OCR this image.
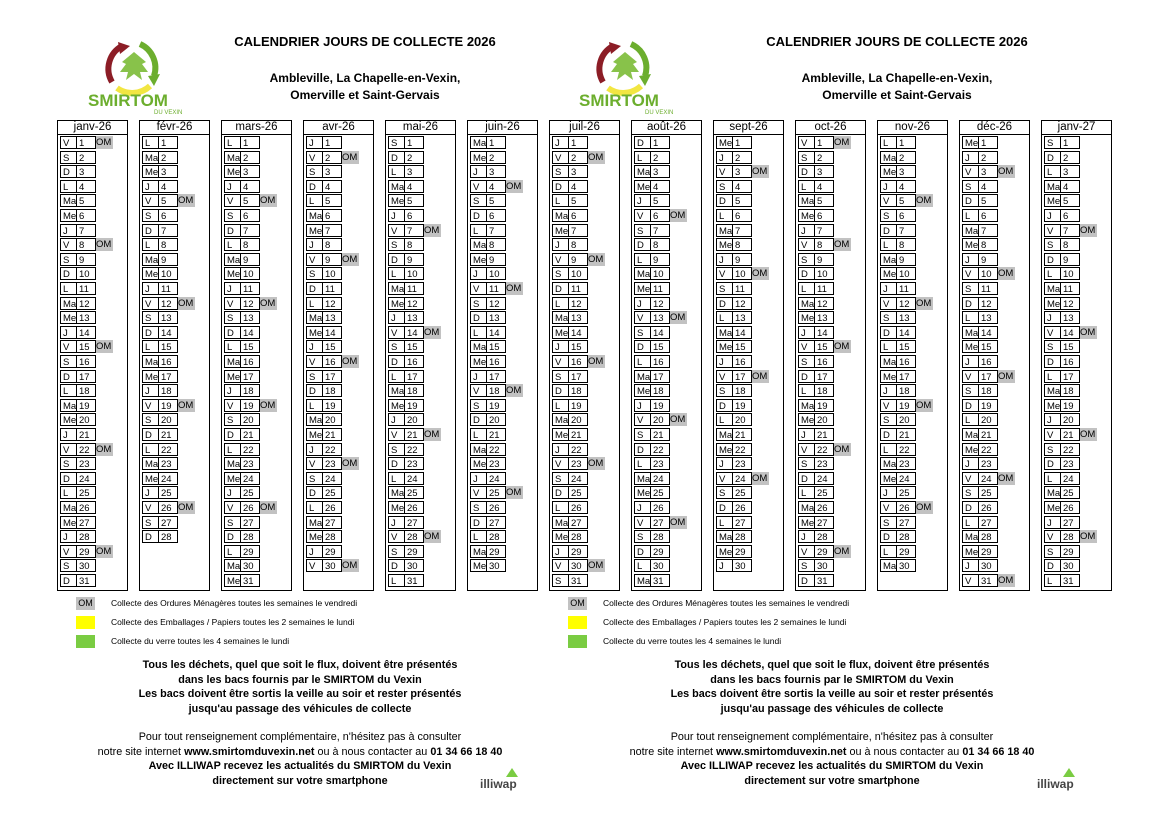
SMIRTOM
DU VEXIN
CALENDRIER JOURS DE COLLECTE 2026
Ambleville, La Chapelle-en-Vexin,
Omerville et Saint-Gervais	SMIRTOM
DU VEXIN
CALENDRIER JOURS DE COLLECTE 2026
Ambleville, La Chapelle-en-Vexin,
Omerville et Saint-Gervais
janv-26
V	1	OM
S	2
D 3
L	4
Ma 5
Me 6
J	7
V	8	OM
S	9
D 10
L	11
Ma 12
Me 13
J	14
V	15 OM
S	16
D 17
L	18
Ma 19
Me 20
J	21
V	22 OM
S	23
D 24
L	25
Ma 26
Me 27
J	28
V	29 OM
S	30
D 31
févr-26
L	1
Ma 2
Me 3
J	4
V	5	OM
S	6
D 7
L	8
Ma 9
Me 10
J	11
V	12 OM
S	13
D 14
L	15
Ma 16
Me 17
J	18
V	19 OM
S	20
D 21
L	22
Ma 23
Me 24
J	25
V	26 OM
S	27
D 28
mars-26
L	1
Ma 2
Me 3
J	4
V	5	OM
S	6
D 7
L	8
Ma 9
Me 10
J	11
V	12 OM
S	13
D 14
L	15
Ma 16
Me 17
J	18
V	19 OM
S	20
D 21
L	22
Ma 23
Me 24
J	25
V	26 OM
S	27
D 28
L	29
Ma 30
Me 31
avr-26
J	1
V	2	OM
S	3
D 4
L	5
Ma 6
Me 7
J	8
V	9	OM
S	10
D 11
L	12
Ma 13
Me 14
J	15
V	16 OM
S	17
D 18
L	19
Ma 20
Me 21
J	22
V	23 OM
S	24
D 25
L	26
Ma 27
Me 28
J	29
V	30 OM
mai-26
S	1
D 2
L	3
Ma 4
Me 5
J	6
V	7	OM
S	8
D 9
L	10
Ma 11
Me 12
J	13
V	14 OM
S	15
D 16
L	17
Ma 18
Me 19
J	20
V	21 OM
S	22
D 23
L	24
Ma 25
Me 26
J	27
V	28 OM
S	29
D 30
L	31
juin-26
Ma 1
Me 2
J	3
V	4	OM
S	5
D 6
L	7
Ma 8
Me 9
J	10
V	11 OM
S	12
D 13
L	14
Ma 15
Me 16
J	17
V	18 OM
S	19
D 20
L	21
Ma 22
Me 23
J	24
V	25 OM
S	26
D 27
L	28
Ma 29
Me 30
juil-26
J	1
V	2	OM
S	3
D 4
L	5
Ma 6
Me 7
J	8
V	9	OM
S	10
D 11
L	12
Ma 13
Me 14
J	15
V	16 OM
S	17
D 18
L	19
Ma 20
Me 21
J	22
V	23 OM
S	24
D 25
L	26
Ma 27
Me 28
J	29
V	30 OM
S	31
août-26
D 1
L	2
Ma 3
Me 4
J	5
V	6	OM
S	7
D 8
L	9
Ma 10
Me 11
J	12
V	13 OM
S	14
D 15
L	16
Ma 17
Me 18
J	19
V	20 OM
S	21
D 22
L	23
Ma 24
Me 25
J	26
V	27 OM
S	28
D 29
L	30
Ma 31
sept-26
Me 1
J	2
V	3	OM
S	4
D 5
L	6
Ma 7
Me 8
J	9
V	10 OM
S	11
D 12
L	13
Ma 14
Me 15
J	16
V	17 OM
S	18
D 19
L	20
Ma 21
Me 22
J	23
V	24 OM
S	25
D 26
L	27
Ma 28
Me 29
J	30
oct-26
V	1	OM
S	2
D 3
L	4
Ma 5
Me 6
J	7
V	8	OM
S	9
D 10
L	11
Ma 12
Me 13
J	14
V	15 OM
S	16
D 17
L	18
Ma 19
Me 20
J	21
V	22 OM
S	23
D 24
L	25
Ma 26
Me 27
J	28
V	29 OM
S	30
D 31
nov-26
L	1
Ma 2
Me 3
J	4
V	5	OM
S	6
D 7
L	8
Ma 9
Me 10
J	11
V	12 OM
S	13
D 14
L	15
Ma 16
Me 17
J	18
V	19 OM
S	20
D 21
L	22
Ma 23
Me 24
J	25
V	26 OM
S	27
D 28
L	29
Ma 30
déc-26
Me 1
J	2
V	3	OM
S	4
D 5
L	6
Ma 7
Me 8
J	9
V	10 OM
S	11
D 12
L	13
Ma 14
Me 15
J	16
V	17 OM
S	18
D 19
L	20
Ma 21
Me 22
J	23
V	24 OM
S	25
D 26
L	27
Ma 28
Me 29
J	30
V	31 OM
janv-27
S	1
D 2
L	3
Ma 4
Me 5
J	6
V	7	OM
S	8
D 9
L	10
Ma 11
Me 12
J	13
V	14 OM
S	15
D 16
L	17
Ma 18
Me 19
J	20
V	21 OM
S	22
D 23
L	24
Ma 25
Me 26
J	27
V	28 OM
S	29
D 30
L	31
OM Collecte des Ordures Ménagères toutes les semaines le vendredi
Collecte des Emballages / Papiers toutes les 2 semaines le lundi
Collecte du verre toutes les 4 semaines le lundi
OM Collecte des Ordures Ménagères toutes les semaines le vendredi
Collecte des Emballages / Papiers toutes les 2 semaines le lundi
Collecte du verre toutes les 4 semaines le lundi
Tous les déchets, quel que soit le flux, doivent être présentés
dans les bacs fournis par le SMIRTOM du Vexin
Les bacs doivent être sortis la veille au soir et rester présentés
jusqu'au passage des véhicules de collecte
Tous les déchets, quel que soit le flux, doivent être présentés
dans les bacs fournis par le SMIRTOM du Vexin
Les bacs doivent être sortis la veille au soir et rester présentés
jusqu'au passage des véhicules de collecte
Pour tout renseignement complémentaire, n'hésitez pas à consulter
notre site internet www.smirtomduvexin.net ou à nous contacter au 01 34 66 18 40
Avec ILLIWAP recevez les actualités du SMIRTOM du Vexin
directement sur votre smartphone
Pour tout renseignement complémentaire, n'hésitez pas à consulter
notre site internet www.smirtomduvexin.net ou à nous contacter au 01 34 66 18 40
Avec ILLIWAP recevez les actualités du SMIRTOM du Vexin
directement sur votre smartphone
illiwap	illiwap
